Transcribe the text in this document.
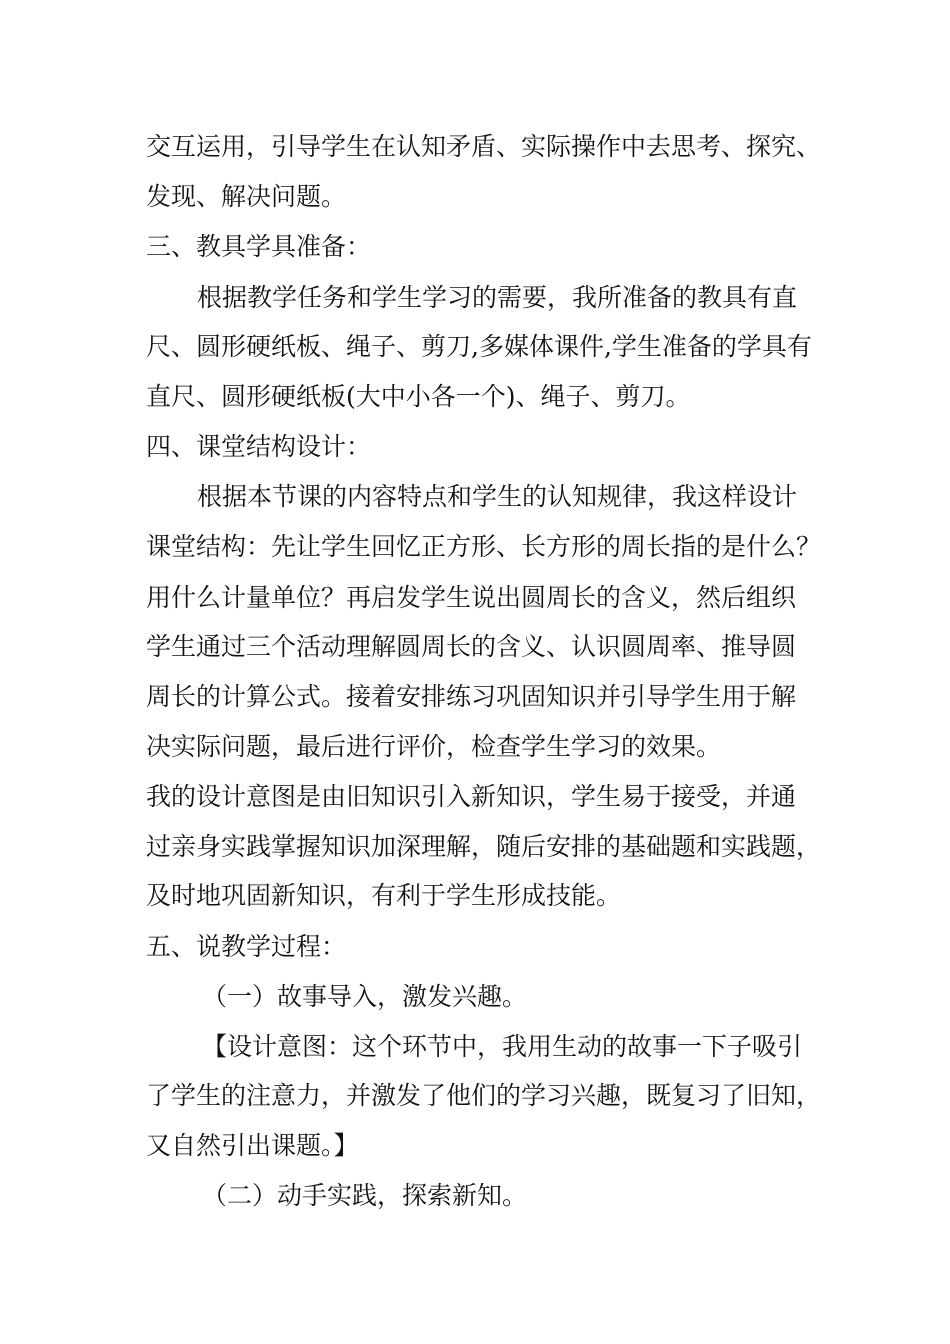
交互运用，引导学生在认知矛盾、实际操作中去思考、探究、
发现、解决问题。
三、教具学具准备：
根据教学任务和学生学习的需要，我所准备的教具有直
尺、圆形硬纸板、绳子、剪刀,多媒体课件,学生准备的学具有
直尺、圆形硬纸板(大中小各一个)、绳子、剪刀。
四、课堂结构设计：
根据本节课的内容特点和学生的认知规律，我这样设计
课堂结构：先让学生回忆正方形、长方形的周长指的是什么？
用什么计量单位？再启发学生说出圆周长的含义，然后组织
学生通过三个活动理解圆周长的含义、认识圆周率、推导圆
周长的计算公式。接着安排练习巩固知识并引导学生用于解
决实际问题，最后进行评价，检查学生学习的效果。
我的设计意图是由旧知识引入新知识，学生易于接受，并通
过亲身实践掌握知识加深理解，随后安排的基础题和实践题，
及时地巩固新知识，有利于学生形成技能。
五、说教学过程：
（一）故事导入，激发兴趣。
【设计意图：这个环节中，我用生动的故事一下子吸引
了学生的注意力，并激发了他们的学习兴趣，既复习了旧知，
又自然引出课题。】
（二）动手实践，探索新知。
